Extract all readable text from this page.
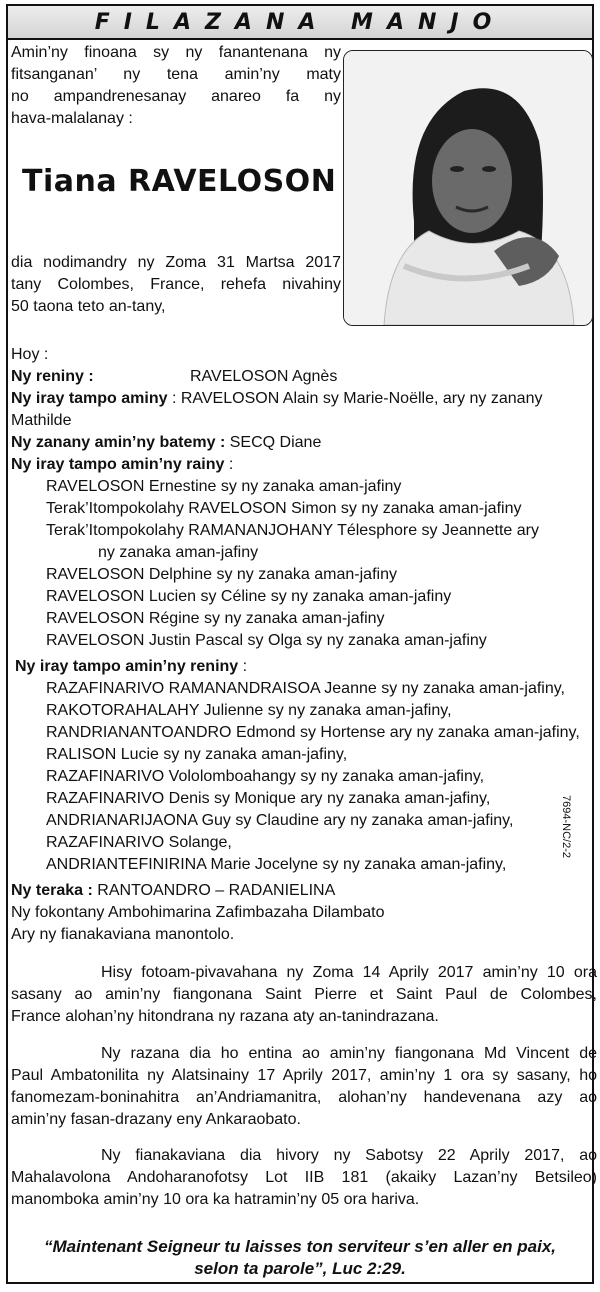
FILAZANA MANJO
Amin’ny finoana sy ny fanantenana ny
fitsanganan’ ny tena amin’ny maty
no ampandrenesanay anareo fa ny
hava-malalanay :
Tiana RAVELOSON
dia nodimandry ny Zoma 31 Martsa 2017
tany Colombes, France, rehefa nivahiny
50 taona teto an-tany,
Hoy :
Ny reniny :	RAVELOSON Agnès
Ny iray tampo aminy : RAVELOSON Alain sy Marie-Noëlle, ary ny zanany
Mathilde
Ny zanany amin’ny batemy : SECQ Diane
Ny iray tampo amin’ny rainy :
RAVELOSON Ernestine sy ny zanaka aman-jafiny
Terak’Itompokolahy RAVELOSON Simon sy ny zanaka aman-jafiny
Terak’Itompokolahy RAMANANJOHANY Télesphore sy Jeannette ary
ny zanaka aman-jafiny
RAVELOSON Delphine sy ny zanaka aman-jafiny
RAVELOSON Lucien sy Céline sy ny zanaka aman-jafiny
RAVELOSON Régine sy ny zanaka aman-jafiny
RAVELOSON Justin Pascal sy Olga sy ny zanaka aman-jafiny
Ny iray tampo amin’ny reniny :
RAZAFINARIVO RAMANANDRAISOA Jeanne sy ny zanaka aman-jafiny,
RAKOTORAHALAHY Julienne sy ny zanaka aman-jafiny,
RANDRIANANTOANDRO Edmond sy Hortense ary ny zanaka aman-jafiny,
RALISON Lucie sy ny zanaka aman-jafiny,
RAZAFINARIVO Vololomboahangy sy ny zanaka aman-jafiny,
RAZAFINARIVO Denis sy Monique ary ny zanaka aman-jafiny,
ANDRIANARIJAONA Guy sy Claudine ary ny zanaka aman-jafiny,
RAZAFINARIVO Solange,
ANDRIANTEFINIRINA Marie Jocelyne sy ny zanaka aman-jafiny,
Ny teraka : RANTOANDRO – RADANIELINA
Ny fokontany Ambohimarina Zafimbazaha Dilambato
Ary ny fianakaviana manontolo.
7694-NC/2-2
Hisy fotoam-pivavahana ny Zoma 14 Aprily 2017 amin’ny 10 ora
sasany ao amin’ny fiangonana Saint Pierre et Saint Paul de Colombes,
France alohan’ny hitondrana ny razana aty an-tanindrazana.
Ny razana dia ho entina ao amin’ny fiangonana Md Vincent de
Paul Ambatonilita ny Alatsinainy 17 Aprily 2017, amin’ny 1 ora sy sasany, ho
fanomezam-boninahitra an’Andriamanitra, alohan’ny handevenana azy ao
amin’ny fasan-drazany eny Ankaraobato.
Ny fianakaviana dia hivory ny Sabotsy 22 Aprily 2017, ao
Mahalavolona Andoharanofotsy Lot IIB 181 (akaiky Lazan’ny Betsileo)
manomboka amin’ny 10 ora ka hatramin’ny 05 ora hariva.
“Maintenant Seigneur tu laisses ton serviteur s’en aller en paix,
selon ta parole”, Luc 2:29.
